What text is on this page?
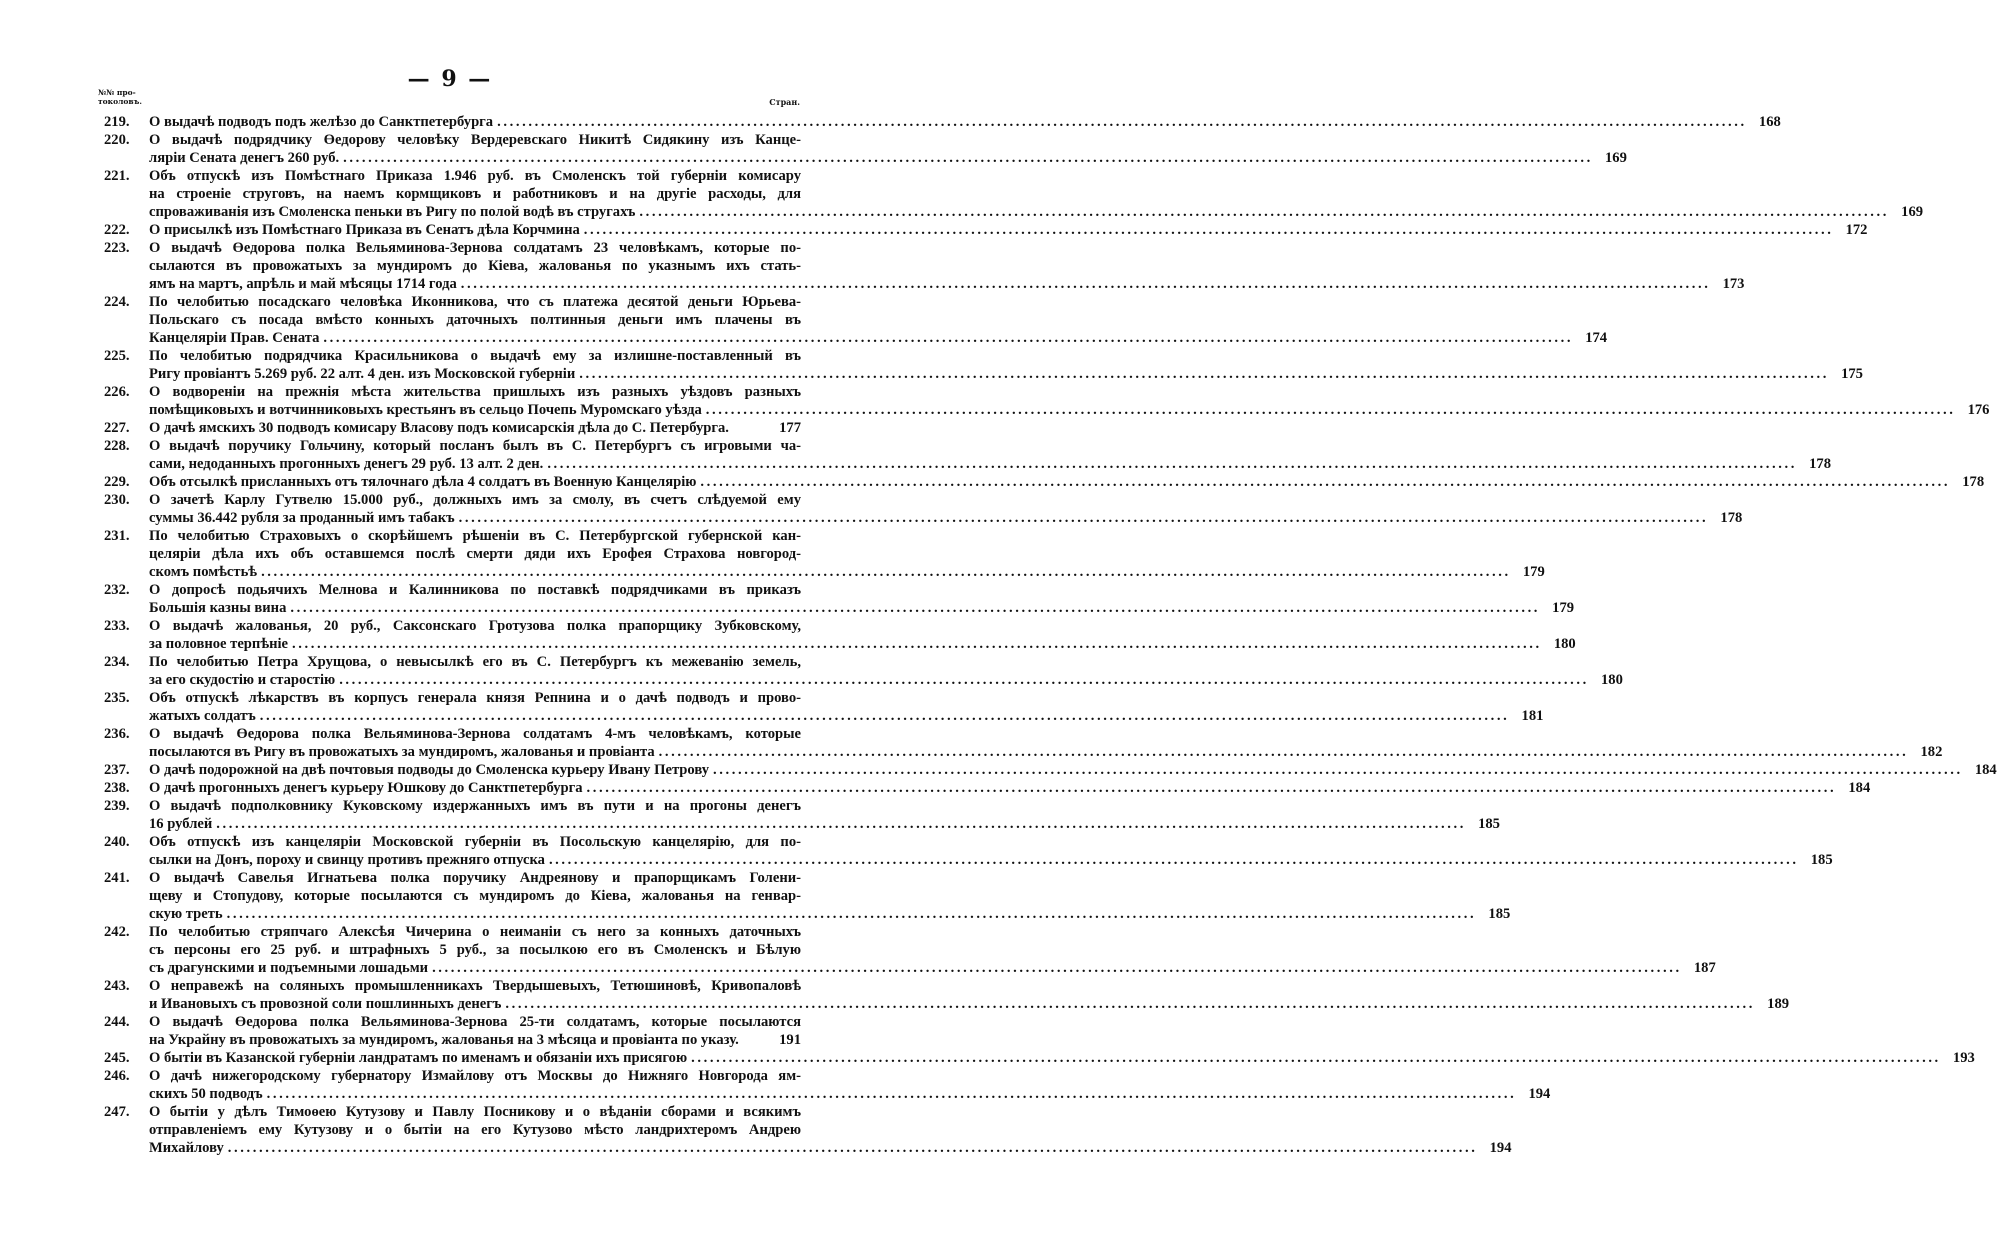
— 9 —
№№ про-
токоловъ.	Стран.
219. О выдачѣ подводъ подъ желѣзо до Санктпетербурга ........................................................................................................................................................................................................ 168
220. О выдачѣ подрядчику Өедорову человѣку Вердеревскаго Никитѣ Сидякину изъ Канце-
ляріи Сената денегъ 260 руб. ........................................................................................................................................................................................................ 169
221. Объ отпускѣ изъ Помѣстнаго Приказа 1.946 руб. въ Смоленскъ той губерніи комисару
на строеніе струговъ, на наемъ кормщиковъ и работниковъ и на другіе расходы, для
спроваживанія изъ Смоленска пеньки въ Ригу по полой водѣ въ стругахъ ........................................................................................................................................................................................................ 169
222. О присылкѣ изъ Помѣстнаго Приказа въ Сенатъ дѣла Корчмина ........................................................................................................................................................................................................ 172
223. О выдачѣ Өедорова полка Вельяминова-Зернова солдатамъ 23 человѣкамъ, которые по-
сылаются въ провожатыхъ за мундиромъ до Кіева, жалованья по указнымъ ихъ стать-
ямъ на мартъ, апрѣль и май мѣсяцы 1714 года ........................................................................................................................................................................................................ 173
224. По челобитью посадскаго человѣка Иконникова, что съ платежа десятой деньги Юрьева-
Польскаго съ посада вмѣсто конныхъ даточныхъ полтинныя деньги имъ плачены въ
Канцеляріи Прав. Сената ........................................................................................................................................................................................................ 174
225. По челобитью подрядчика Красильникова о выдачѣ ему за излишне-поставленный въ
Ригу провіантъ 5.269 руб. 22 алт. 4 ден. изъ Московской губерніи ........................................................................................................................................................................................................ 175
226. О водвореніи на прежнія мѣста жительства пришлыхъ изъ разныхъ уѣздовъ разныхъ
помѣщиковыхъ и вотчинниковыхъ крестьянъ въ сельцо Почепь Муромскаго уѣзда ........................................................................................................................................................................................................ 176
227. О дачѣ ямскихъ 30 подводъ комисару Власову подъ комисарскія дѣла до С. Петербурга.	177
228. О выдачѣ поручику Гольчину, который посланъ былъ въ С. Петербургъ съ игровыми ча-
сами, недоданныхъ прогонныхъ денегъ 29 руб. 13 алт. 2 ден. ........................................................................................................................................................................................................ 178
229. Объ отсылкѣ присланныхъ отъ тялочнаго дѣла 4 солдатъ въ Военную Канцелярію ........................................................................................................................................................................................................ 178
230. О зачетѣ Карлу Гутвелю 15.000 руб., должныхъ имъ за смолу, въ счетъ слѣдуемой ему
суммы 36.442 рубля за проданный имъ табакъ ........................................................................................................................................................................................................ 178
231. По челобитью Страховыхъ о скорѣйшемъ рѣшеніи въ С. Петербургской губернской кан-
целяріи дѣла ихъ объ оставшемся послѣ смерти дяди ихъ Ерофея Страхова новгород-
скомъ помѣстьѣ ........................................................................................................................................................................................................ 179
232. О допросѣ подьячихъ Мелнова и Калинникова по поставкѣ подрядчиками въ приказъ
Большія казны вина ........................................................................................................................................................................................................ 179
233. О выдачѣ жалованья, 20 руб., Саксонскаго Гротузова полка прапорщику Зубковскому,
за половное терпѣніе ........................................................................................................................................................................................................ 180
234. По челобитью Петра Хрущова, о невысылкѣ его въ С. Петербургъ къ межеванію земель,
за его скудостію и старостію ........................................................................................................................................................................................................ 180
235. Объ отпускѣ лѣкарствъ въ корпусъ генерала князя Репнина и о дачѣ подводъ и прово-
жатыхъ солдатъ ........................................................................................................................................................................................................ 181
236. О выдачѣ Өедорова полка Вельяминова-Зернова солдатамъ 4-мъ человѣкамъ, которые
посылаются въ Ригу въ провожатыхъ за мундиромъ, жалованья и провіанта ........................................................................................................................................................................................................ 182
237. О дачѣ подорожной на двѣ почтовыя подводы до Смоленска курьеру Ивану Петрову ........................................................................................................................................................................................................ 184
238. О дачѣ прогонныхъ денегъ курьеру Юшкову до Санктпетербурга ........................................................................................................................................................................................................ 184
239. О выдачѣ подполковнику Куковскому издержанныхъ имъ въ пути и на прогоны денегъ
16 рублей ........................................................................................................................................................................................................ 185
240. Объ отпускѣ изъ канцеляріи Московской губерніи въ Посольскую канцелярію, для по-
сылки на Донъ, пороху и свинцу противъ прежняго отпуска ........................................................................................................................................................................................................ 185
241. О выдачѣ Савелья Игнатьева полка поручику Андреянову и прапорщикамъ Голени-
щеву и Стопудову, которые посылаются съ мундиромъ до Кіева, жалованья на генвар-
скую треть ........................................................................................................................................................................................................ 185
242. По челобитью стряпчаго Алексѣя Чичерина о неиманіи съ него за конныхъ даточныхъ
съ персоны его 25 руб. и штрафныхъ 5 руб., за посылкою его въ Смоленскъ и Бѣлую
съ драгунскими и подъемными лошадьми ........................................................................................................................................................................................................ 187
243. О неправежѣ на соляныхъ промышленникахъ Твердышевыхъ, Тетюшиновѣ, Кривопаловѣ
и Ивановыхъ съ провозной соли пошлинныхъ денегъ ........................................................................................................................................................................................................ 189
244. О выдачѣ Өедорова полка Вельяминова-Зернова 25-ти солдатамъ, которые посылаются
на Украйну въ провожатыхъ за мундиромъ, жалованья на 3 мѣсяца и провіанта по указу.	191
245. О бытіи въ Казанской губерніи ландратамъ по именамъ и обязаніи ихъ присягою ........................................................................................................................................................................................................ 193
246. О дачѣ нижегородскому губернатору Измайлову отъ Москвы до Нижняго Новгорода ям-
скихъ 50 подводъ ........................................................................................................................................................................................................ 194
247. О бытіи у дѣлъ Тимоөею Кутузову и Павлу Посникову и о вѣданіи сборами и всякимъ
отправленіемъ ему Кутузову и о бытіи на его Кутузово мѣсто ландрихтеромъ Андрею
Михайлову ........................................................................................................................................................................................................ 194
